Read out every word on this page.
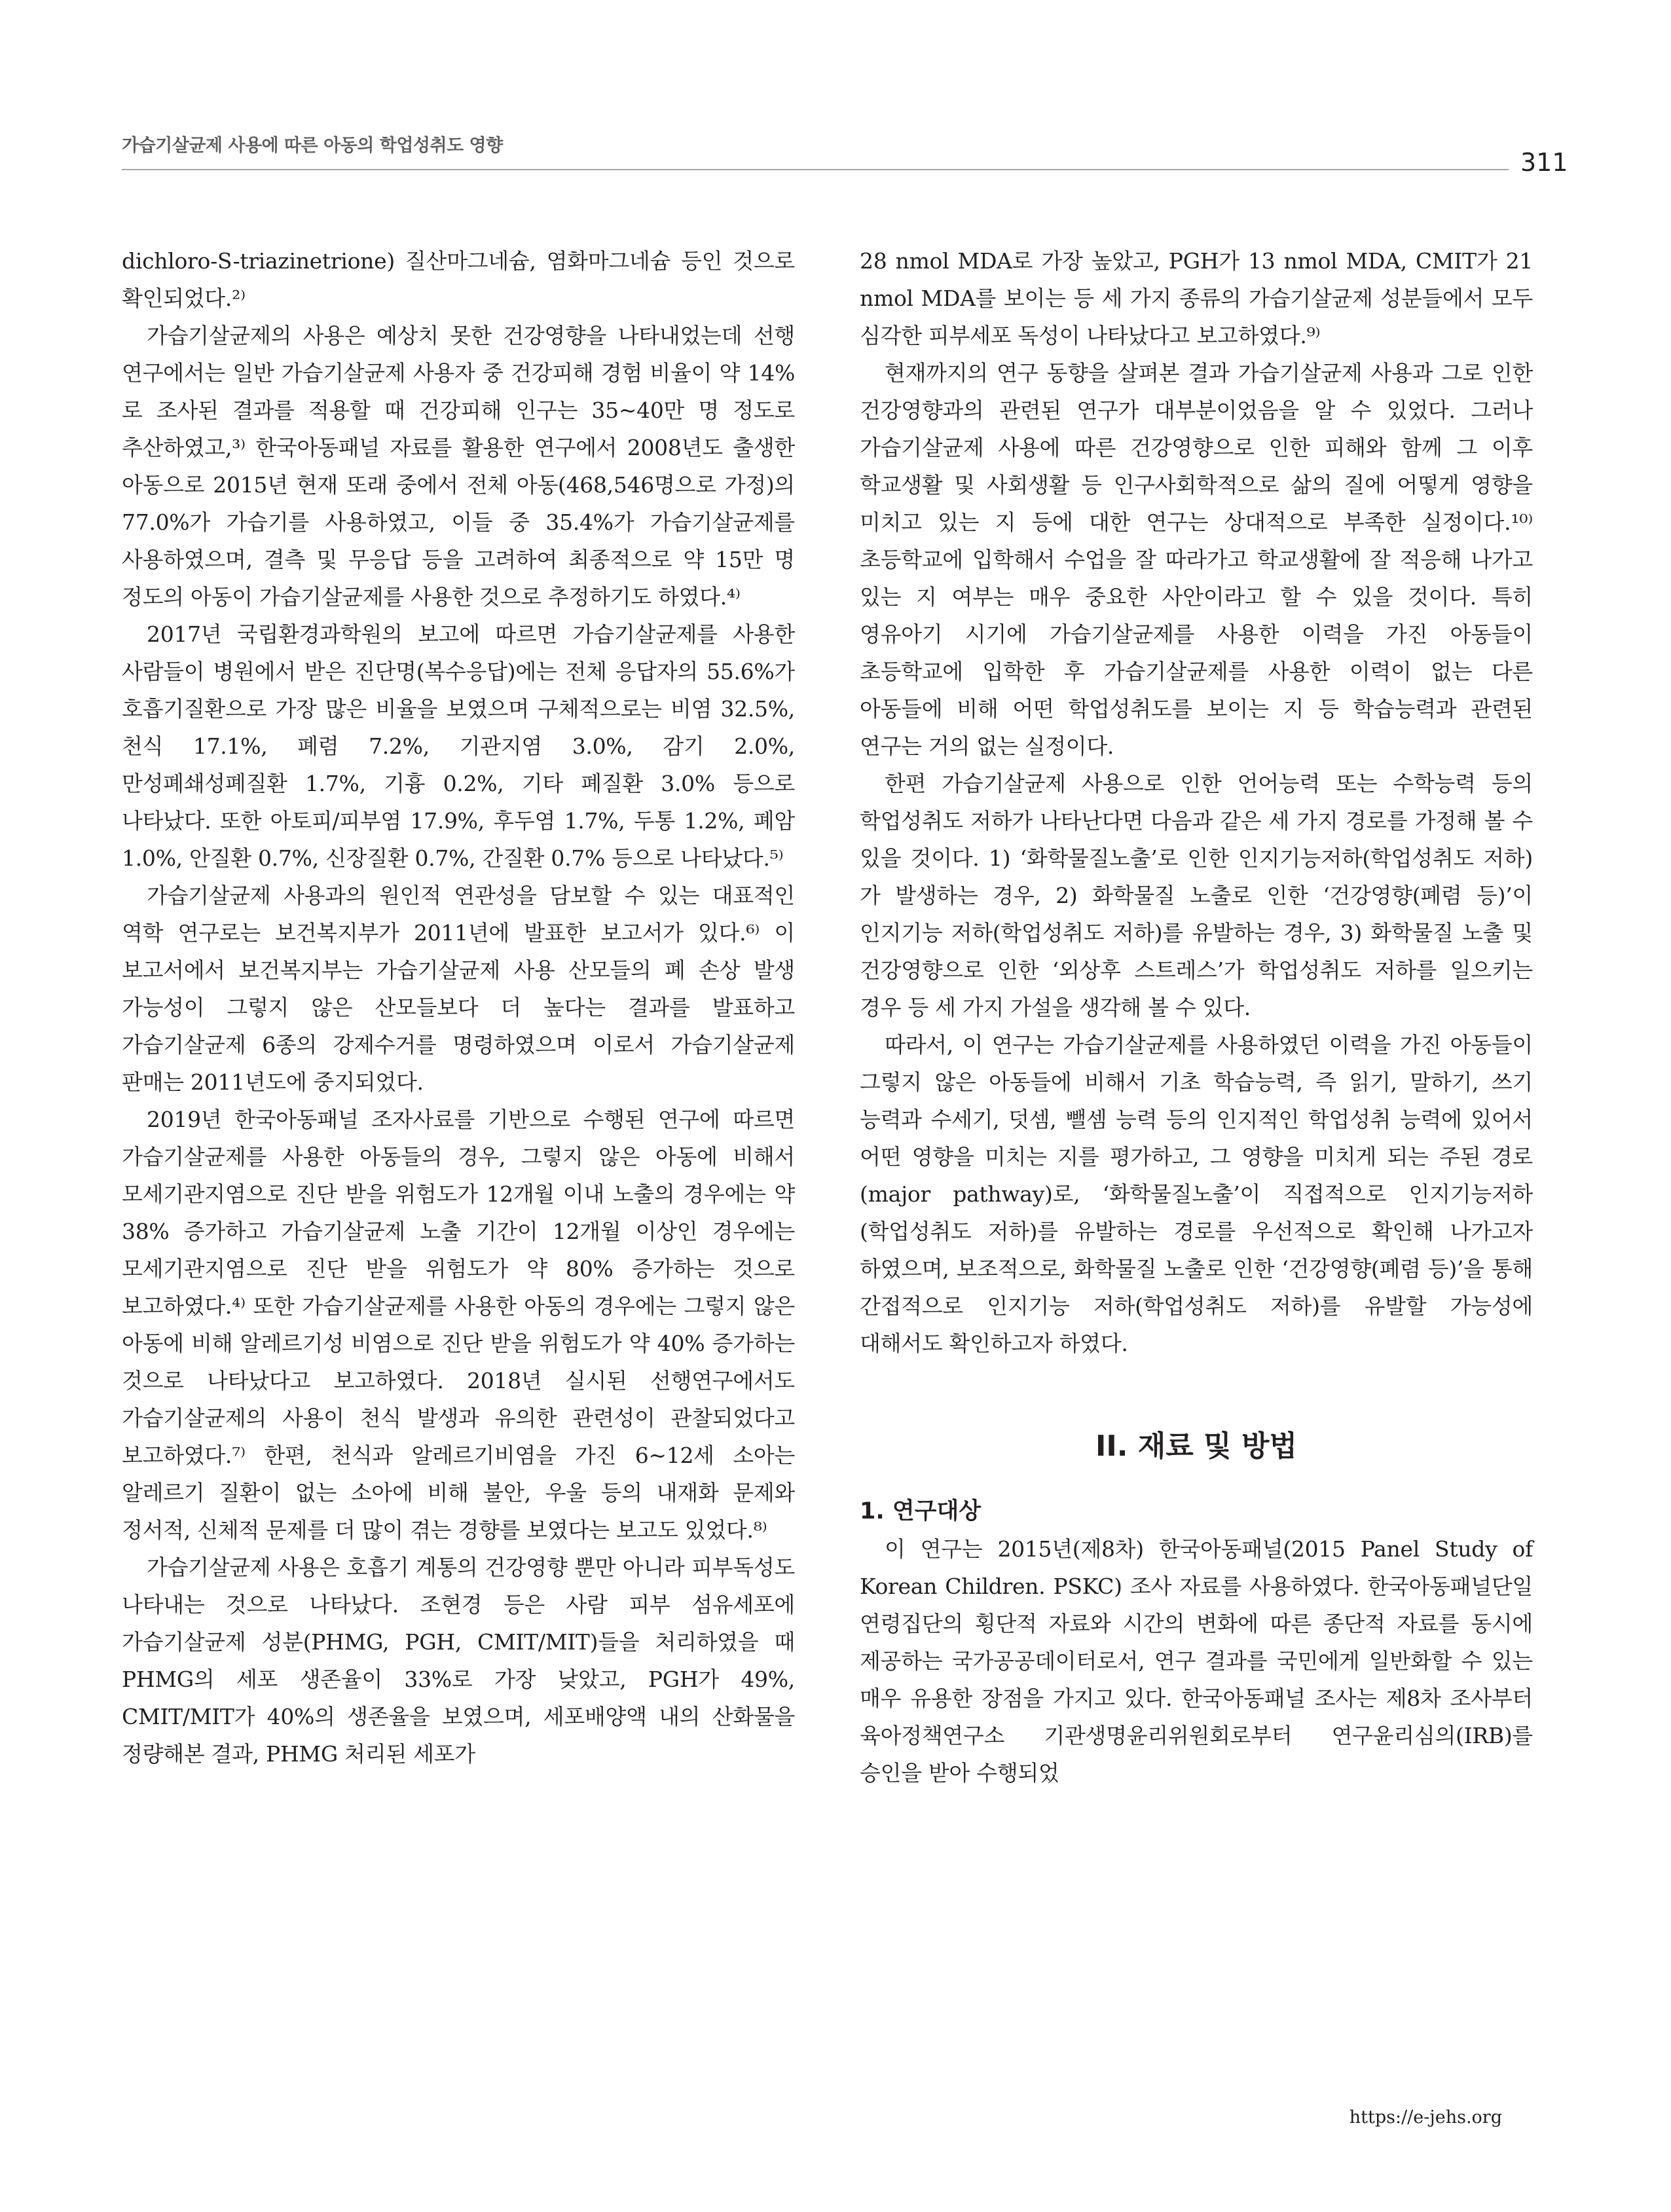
가습기살균제 사용에 따른 아동의 학업성취도 영향
311

dichloro-S-triazinetrione) 질산마그네슘, 염화마그네슘 등인 것으로 확인되었다.²⁾

가습기살균제의 사용은 예상치 못한 건강영향을 나타내었는데 선행 연구에서는 일반 가습기살균제 사용자 중 건강피해 경험 비율이 약 14%로 조사된 결과를 적용할 때 건강피해 인구는 35~40만 명 정도로 추산하였고,³⁾ 한국아동패널 자료를 활용한 연구에서 2008년도 출생한 아동으로 2015년 현재 또래 중에서 전체 아동(468,546명으로 가정)의 77.0%가 가습기를 사용하였고, 이들 중 35.4%가 가습기살균제를 사용하였으며, 결측 및 무응답 등을 고려하여 최종적으로 약 15만 명 정도의 아동이 가습기살균제를 사용한 것으로 추정하기도 하였다.⁴⁾

2017년 국립환경과학원의 보고에 따르면 가습기살균제를 사용한 사람들이 병원에서 받은 진단명(복수응답)에는 전체 응답자의 55.6%가 호흡기질환으로 가장 많은 비율을 보였으며 구체적으로는 비염 32.5%, 천식 17.1%, 폐렴 7.2%, 기관지염 3.0%, 감기 2.0%, 만성폐쇄성폐질환 1.7%, 기흉 0.2%, 기타 폐질환 3.0% 등으로 나타났다. 또한 아토피/피부염 17.9%, 후두염 1.7%, 두통 1.2%, 폐암 1.0%, 안질환 0.7%, 신장질환 0.7%, 간질환 0.7% 등으로 나타났다.⁵⁾

가습기살균제 사용과의 원인적 연관성을 담보할 수 있는 대표적인 역학 연구로는 보건복지부가 2011년에 발표한 보고서가 있다.⁶⁾ 이 보고서에서 보건복지부는 가습기살균제 사용 산모들의 폐 손상 발생 가능성이 그렇지 않은 산모들보다 더 높다는 결과를 발표하고 가습기살균제 6종의 강제수거를 명령하였으며 이로서 가습기살균제 판매는 2011년도에 중지되었다.

2019년 한국아동패널 조자사료를 기반으로 수행된 연구에 따르면 가습기살균제를 사용한 아동들의 경우, 그렇지 않은 아동에 비해서 모세기관지염으로 진단 받을 위험도가 12개월 이내 노출의 경우에는 약 38% 증가하고 가습기살균제 노출 기간이 12개월 이상인 경우에는 모세기관지염으로 진단 받을 위험도가 약 80% 증가하는 것으로 보고하였다.⁴⁾ 또한 가습기살균제를 사용한 아동의 경우에는 그렇지 않은 아동에 비해 알레르기성 비염으로 진단 받을 위험도가 약 40% 증가하는 것으로 나타났다고 보고하였다. 2018년 실시된 선행연구에서도 가습기살균제의 사용이 천식 발생과 유의한 관련성이 관찰되었다고 보고하였다.⁷⁾ 한편, 천식과 알레르기비염을 가진 6~12세 소아는 알레르기 질환이 없는 소아에 비해 불안, 우울 등의 내재화 문제와 정서적, 신체적 문제를 더 많이 겪는 경향를 보였다는 보고도 있었다.⁸⁾

가습기살균제 사용은 호흡기 계통의 건강영향 뿐만 아니라 피부독성도 나타내는 것으로 나타났다. 조현경 등은 사람 피부 섬유세포에 가습기살균제 성분(PHMG, PGH, CMIT/MIT)들을 처리하였을 때 PHMG의 세포 생존율이 33%로 가장 낮았고, PGH가 49%, CMIT/MIT가 40%의 생존율을 보였으며, 세포배양액 내의 산화물을 정량해본 결과, PHMG 처리된 세포가

28 nmol MDA로 가장 높았고, PGH가 13 nmol MDA, CMIT가 21 nmol MDA를 보이는 등 세 가지 종류의 가습기살균제 성분들에서 모두 심각한 피부세포 독성이 나타났다고 보고하였다.⁹⁾

현재까지의 연구 동향을 살펴본 결과 가습기살균제 사용과 그로 인한 건강영향과의 관련된 연구가 대부분이었음을 알 수 있었다. 그러나 가습기살균제 사용에 따른 건강영향으로 인한 피해와 함께 그 이후 학교생활 및 사회생활 등 인구사회학적으로 삶의 질에 어떻게 영향을 미치고 있는 지 등에 대한 연구는 상대적으로 부족한 실정이다.¹⁰⁾ 초등학교에 입학해서 수업을 잘 따라가고 학교생활에 잘 적응해 나가고 있는 지 여부는 매우 중요한 사안이라고 할 수 있을 것이다. 특히 영유아기 시기에 가습기살균제를 사용한 이력을 가진 아동들이 초등학교에 입학한 후 가습기살균제를 사용한 이력이 없는 다른 아동들에 비해 어떤 학업성취도를 보이는 지 등 학습능력과 관련된 연구는 거의 없는 실정이다.

한편 가습기살균제 사용으로 인한 언어능력 또는 수학능력 등의 학업성취도 저하가 나타난다면 다음과 같은 세 가지 경로를 가정해 볼 수 있을 것이다. 1) ‘화학물질노출’로 인한 인지기능저하(학업성취도 저하)가 발생하는 경우, 2) 화학물질 노출로 인한 ‘건강영향(폐렴 등)’이 인지기능 저하(학업성취도 저하)를 유발하는 경우, 3) 화학물질 노출 및 건강영향으로 인한 ‘외상후 스트레스’가 학업성취도 저하를 일으키는 경우 등 세 가지 가설을 생각해 볼 수 있다.

따라서, 이 연구는 가습기살균제를 사용하였던 이력을 가진 아동들이 그렇지 않은 아동들에 비해서 기초 학습능력, 즉 읽기, 말하기, 쓰기 능력과 수세기, 덧셈, 뺄셈 능력 등의 인지적인 학업성취 능력에 있어서 어떤 영향을 미치는 지를 평가하고, 그 영향을 미치게 되는 주된 경로(major pathway)로, ‘화학물질노출’이 직접적으로 인지기능저하(학업성취도 저하)를 유발하는 경로를 우선적으로 확인해 나가고자 하였으며, 보조적으로, 화학물질 노출로 인한 ‘건강영향(폐렴 등)’을 통해 간접적으로 인지기능 저하(학업성취도 저하)를 유발할 가능성에 대해서도 확인하고자 하였다.

II. 재료 및 방법
1. 연구대상

이 연구는 2015년(제8차) 한국아동패널(2015 Panel Study of Korean Children. PSKC) 조사 자료를 사용하였다. 한국아동패널단일 연령집단의 횡단적 자료와 시간의 변화에 따른 종단적 자료를 동시에 제공하는 국가공공데이터로서, 연구 결과를 국민에게 일반화할 수 있는 매우 유용한 장점을 가지고 있다. 한국아동패널 조사는 제8차 조사부터 육아정책연구소 기관생명윤리위원회로부터 연구윤리심의(IRB)를 승인을 받아 수행되었

https://e-jehs.org
